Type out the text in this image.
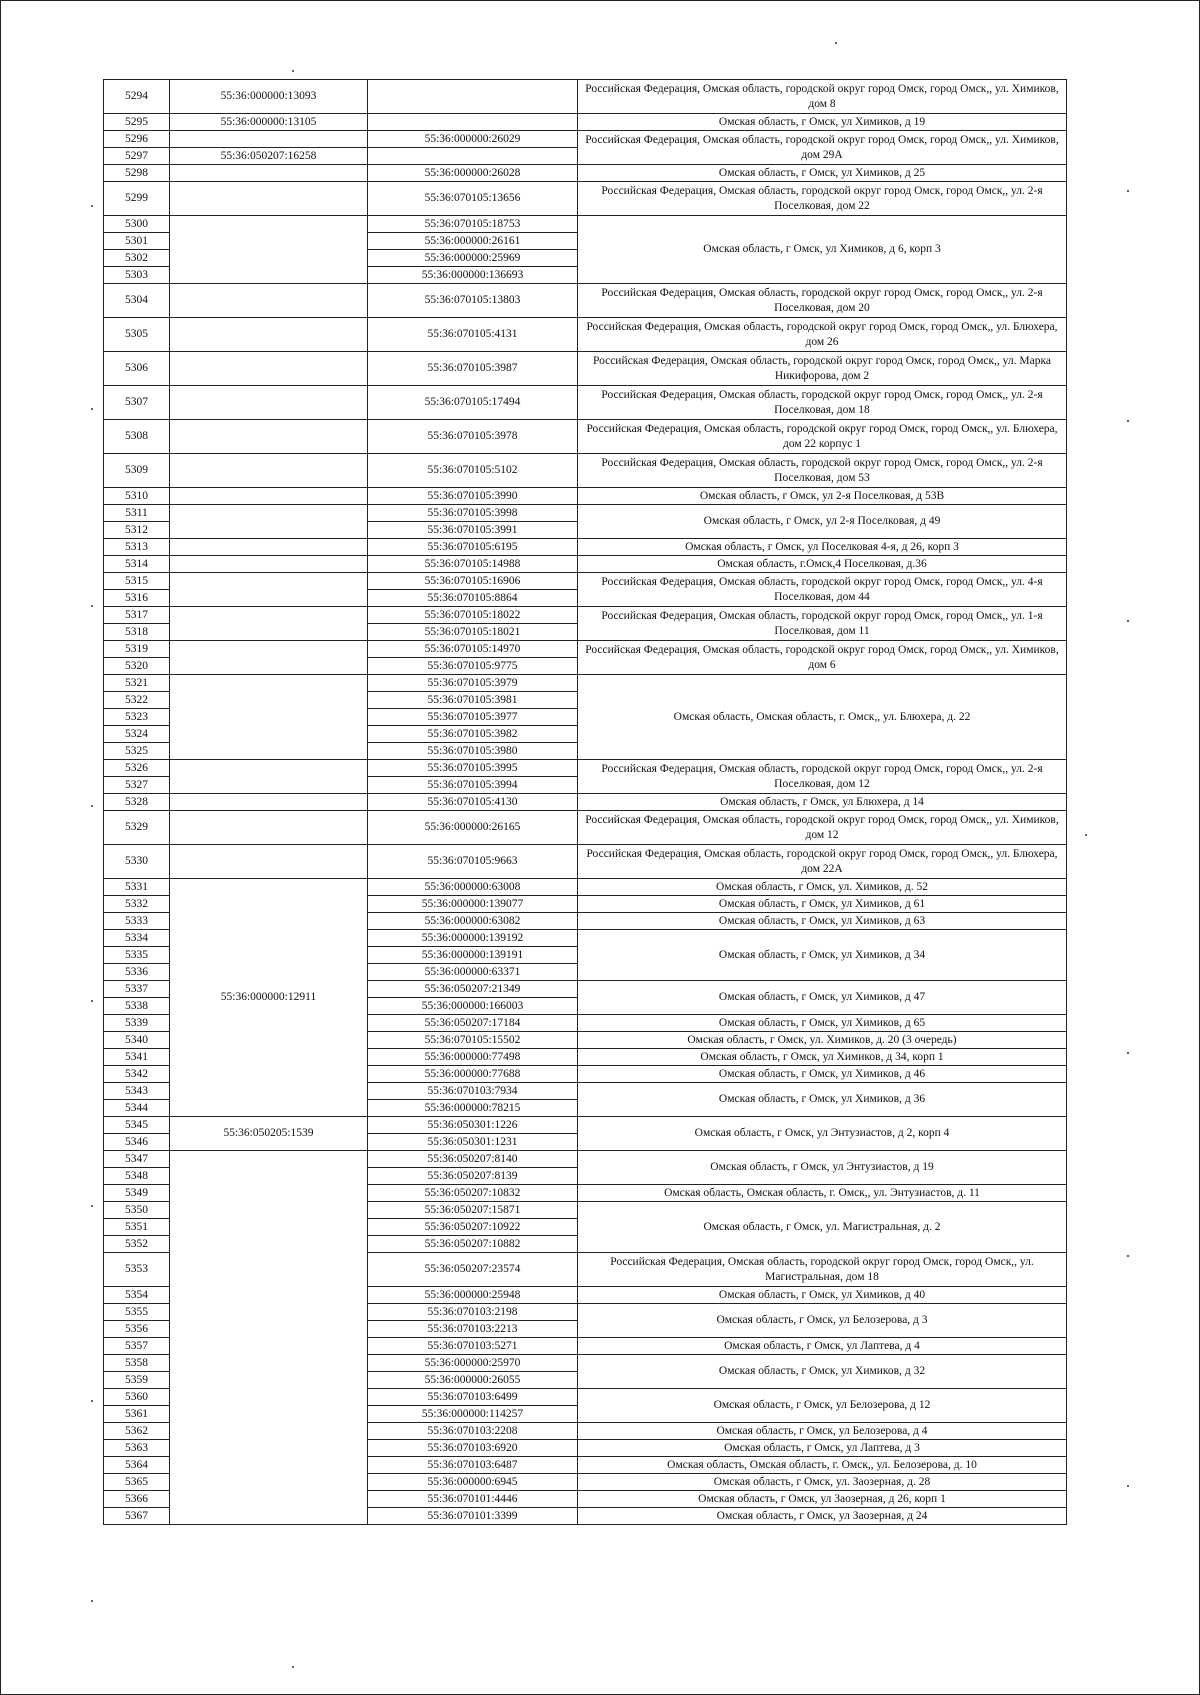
5294	55:36:000000:13093		Российская Федерация, Омская область, городской округ город Омск, город Омск,, ул. Химиков, дом 8
5295	55:36:000000:13105		Омская область, г Омск, ул Химиков, д 19
5296		55:36:000000:26029	Российская Федерация, Омская область, городской округ город Омск, город Омск,, ул. Химиков, дом 29А
5297	55:36:050207:16258		
5298		55:36:000000:26028	Омская область, г Омск, ул Химиков, д 25
5299		55:36:070105:13656	Российская Федерация, Омская область, городской округ город Омск, город Омск,, ул. 2-я Поселковая, дом 22
5300		55:36:070105:18753	Омская область, г Омск, ул Химиков, д 6, корп 3
5301		55:36:000000:26161	
5302		55:36:000000:25969	
5303		55:36:000000:136693	
5304		55:36:070105:13803	Российская Федерация, Омская область, городской округ город Омск, город Омск,, ул. 2-я Поселковая, дом 20
5305		55:36:070105:4131	Российская Федерация, Омская область, городской округ город Омск, город Омск,, ул. Блюхера, дом 26
5306		55:36:070105:3987	Российская Федерация, Омская область, городской округ город Омск, город Омск,, ул. Марка Никифорова, дом 2
5307		55:36:070105:17494	Российская Федерация, Омская область, городской округ город Омск, город Омск,, ул. 2-я Поселковая, дом 18
5308		55:36:070105:3978	Российская Федерация, Омская область, городской округ город Омск, город Омск,, ул. Блюхера, дом 22 корпус 1
5309		55:36:070105:5102	Российская Федерация, Омская область, городской округ город Омск, город Омск,, ул. 2-я Поселковая, дом 53
5310		55:36:070105:3990	Омская область, г Омск, ул 2-я Поселковая, д 53В
5311		55:36:070105:3998	Омская область, г Омск, ул 2-я Поселковая, д 49
5312		55:36:070105:3991	
5313		55:36:070105:6195	Омская область, г Омск, ул Поселковая 4-я, д 26, корп 3
5314		55:36:070105:14988	Омская область, г.Омск,4 Поселковая, д.36
5315		55:36:070105:16906	Российская Федерация, Омская область, городской округ город Омск, город Омск,, ул. 4-я Поселковая, дом 44
5316		55:36:070105:8864	
5317		55:36:070105:18022	Российская Федерация, Омская область, городской округ город Омск, город Омск,, ул. 1-я Поселковая, дом 11
5318		55:36:070105:18021	
5319		55:36:070105:14970	Российская Федерация, Омская область, городской округ город Омск, город Омск,, ул. Химиков, дом 6
5320		55:36:070105:9775	
5321		55:36:070105:3979	Омская область, Омская область, г. Омск,, ул. Блюхера, д. 22
5322		55:36:070105:3981	
5323		55:36:070105:3977	
5324		55:36:070105:3982	
5325		55:36:070105:3980	
5326		55:36:070105:3995	Российская Федерация, Омская область, городской округ город Омск, город Омск,, ул. 2-я Поселковая, дом 12
5327		55:36:070105:3994	
5328		55:36:070105:4130	Омская область, г Омск, ул Блюхера, д 14
5329		55:36:000000:26165	Российская Федерация, Омская область, городской округ город Омск, город Омск,, ул. Химиков, дом 12
5330		55:36:070105:9663	Российская Федерация, Омская область, городской округ город Омск, город Омск,, ул. Блюхера, дом 22А
5331	55:36:000000:12911	55:36:000000:63008	Омская область, г Омск, ул. Химиков, д. 52
5332		55:36:000000:139077	Омская область, г Омск, ул Химиков, д 61
5333		55:36:000000:63082	Омская область, г Омск, ул Химиков, д 63
5334		55:36:000000:139192	Омская область, г Омск, ул Химиков, д 34
5335		55:36:000000:139191	
5336		55:36:000000:63371	
5337		55:36:050207:21349	Омская область, г Омск, ул Химиков, д 47
5338		55:36:000000:166003	
5339		55:36:050207:17184	Омская область, г Омск, ул Химиков, д 65
5340		55:36:070105:15502	Омская область, г Омск, ул. Химиков, д. 20 (3 очередь)
5341		55:36:000000:77498	Омская область, г Омск, ул Химиков, д 34, корп 1
5342		55:36:000000:77688	Омская область, г Омск, ул Химиков, д 46
5343		55:36:070103:7934	Омская область, г Омск, ул Химиков, д 36
5344		55:36:000000:78215	
5345	55:36:050205:1539	55:36:050301:1226	Омская область, г Омск, ул Энтузиастов, д 2, корп 4
5346		55:36:050301:1231	
5347		55:36:050207:8140	Омская область, г Омск, ул Энтузиастов, д 19
5348		55:36:050207:8139	
5349		55:36:050207:10832	Омская область, Омская область, г. Омск,, ул. Энтузиастов, д. 11
5350		55:36:050207:15871	Омская область, г Омск, ул. Магистральная, д. 2
5351		55:36:050207:10922	
5352		55:36:050207:10882	
5353		55:36:050207:23574	Российская Федерация, Омская область, городской округ город Омск, город Омск,, ул. Магистральная, дом 18
5354		55:36:000000:25948	Омская область, г Омск, ул Химиков, д 40
5355		55:36:070103:2198	Омская область, г Омск, ул Белозерова, д 3
5356		55:36:070103:2213	
5357		55:36:070103:5271	Омская область, г Омск, ул Лаптева, д 4
5358		55:36:000000:25970	Омская область, г Омск, ул Химиков, д 32
5359		55:36:000000:26055	
5360		55:36:070103:6499	Омская область, г Омск, ул Белозерова, д 12
5361		55:36:000000:114257	
5362		55:36:070103:2208	Омская область, г Омск, ул Белозерова, д 4
5363		55:36:070103:6920	Омская область, г Омск, ул Лаптева, д 3
5364		55:36:070103:6487	Омская область, Омская область, г. Омск,, ул. Белозерова, д. 10
5365		55:36:000000:6945	Омская область, г Омск, ул. Заозерная, д. 28
5366		55:36:070101:4446	Омская область, г Омск, ул Заозерная, д 26, корп 1
5367		55:36:070101:3399	Омская область, г Омск, ул Заозерная, д 24
